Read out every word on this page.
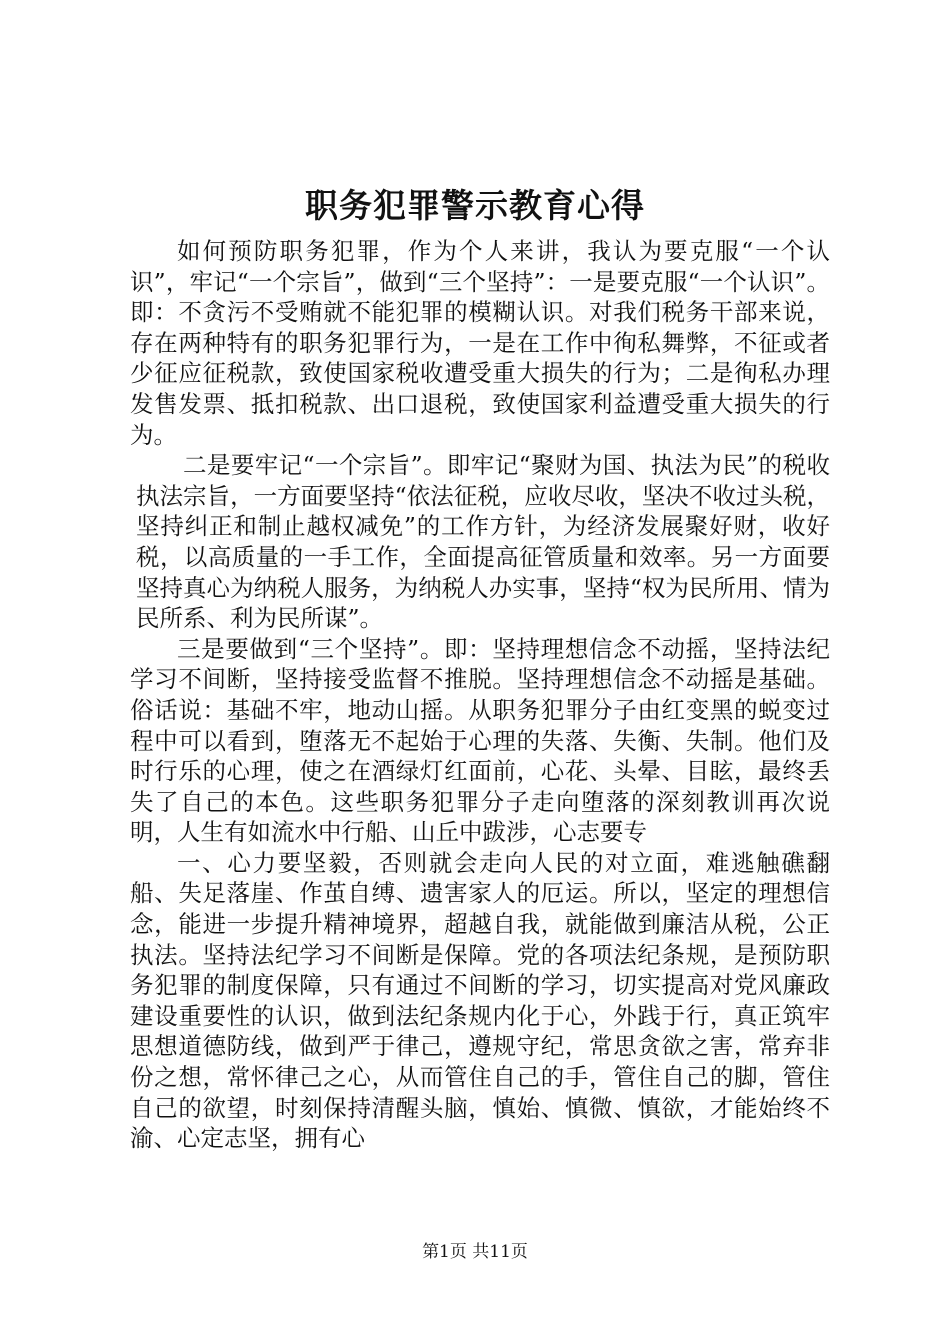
职务犯罪警示教育心得

如何预防职务犯罪，作为个人来讲，我认为要克服“一个认识”，牢记“一个宗旨”，做到“三个坚持”：一是要克服“一个认识”。即：不贪污不受贿就不能犯罪的模糊认识。对我们税务干部来说，存在两种特有的职务犯罪行为，一是在工作中徇私舞弊，不征或者少征应征税款，致使国家税收遭受重大损失的行为；二是徇私办理发售发票、抵扣税款、出口退税，致使国家利益遭受重大损失的行为。

二是要牢记“一个宗旨”。即牢记“聚财为国、执法为民”的税收执法宗旨，一方面要坚持“依法征税，应收尽收，坚决不收过头税，坚持纠正和制止越权减免”的工作方针，为经济发展聚好财，收好税，以高质量的一手工作，全面提高征管质量和效率。另一方面要坚持真心为纳税人服务，为纳税人办实事，坚持“权为民所用、情为民所系、利为民所谋”。

三是要做到“三个坚持”。即：坚持理想信念不动摇，坚持法纪学习不间断，坚持接受监督不推脱。坚持理想信念不动摇是基础。俗话说：基础不牢，地动山摇。从职务犯罪分子由红变黑的蜕变过程中可以看到，堕落无不起始于心理的失落、失衡、失制。他们及时行乐的心理，使之在酒绿灯红面前，心花、头晕、目眩，最终丢失了自己的本色。这些职务犯罪分子走向堕落的深刻教训再次说明，人生有如流水中行船、山丘中跋涉，心志要专

一、心力要坚毅，否则就会走向人民的对立面，难逃触礁翻船、失足落崖、作茧自缚、遗害家人的厄运。所以，坚定的理想信念，能进一步提升精神境界，超越自我，就能做到廉洁从税，公正执法。坚持法纪学习不间断是保障。党的各项法纪条规，是预防职务犯罪的制度保障，只有通过不间断的学习，切实提高对党风廉政建设重要性的认识，做到法纪条规内化于心，外践于行，真正筑牢思想道德防线，做到严于律己，遵规守纪，常思贪欲之害，常弃非份之想，常怀律己之心，从而管住自己的手，管住自己的脚，管住自己的欲望，时刻保持清醒头脑，慎始、慎微、慎欲，才能始终不渝、心定志坚，拥有心

第1页 共11页
